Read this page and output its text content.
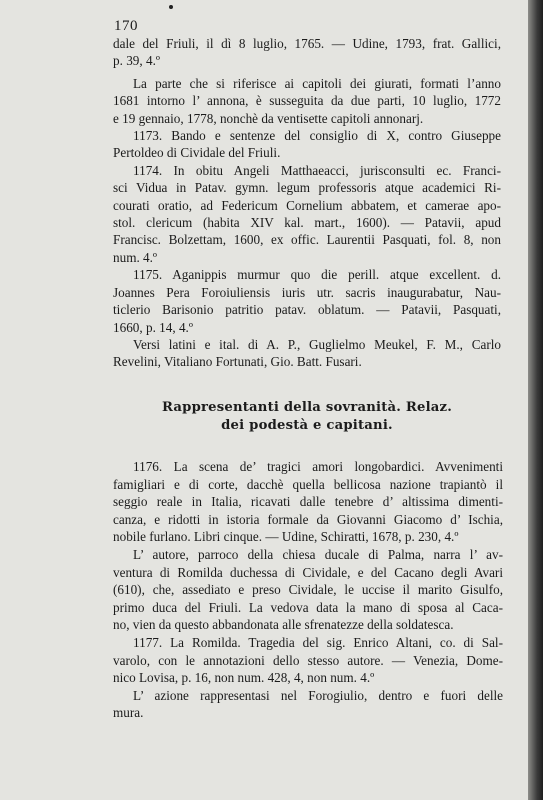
170

dale del Friuli, il dì 8 luglio, 1765. — Udine, 1793, frat. Gallici,
p. 39, 4.º

La parte che si riferisce ai capitoli dei giurati, formati l’anno
1681 intorno l’ annona, è susseguita da due parti, 10 luglio, 1772
e 19 gennaio, 1778, nonchè da ventisette capitoli annonarj.

1173. Bando e sentenze del consiglio di X, contro Giuseppe
Pertoldeo di Cividale del Friuli.

1174. In obitu Angeli Matthaeacci, jurisconsulti ec. Franci-
sci Vidua in Patav. gymn. legum professoris atque academici Ri-
courati oratio, ad Federicum Cornelium abbatem, et camerae apo-
stol. clericum (habita XIV kal. mart., 1600). — Patavii, apud
Francisc. Bolzettam, 1600, ex offic. Laurentii Pasquati, fol. 8, non
num. 4.º

1175. Aganippis murmur quo die perill. atque excellent. d.
Joannes Pera Foroiuliensis iuris utr. sacris inaugurabatur, Nau-
ticlerio Barisonio patritio patav. oblatum. — Patavii, Pasquati,
1660, p. 14, 4.º

Versi latini e ital. di A. P., Guglielmo Meukel, F. M., Carlo
Revelini, Vitaliano Fortunati, Gio. Batt. Fusari.

Rappresentanti della sovranità. Relaz.
dei podestà e capitani.

1176. La scena de’ tragici amori longobardici. Avvenimenti
famigliari e di corte, dacchè quella bellicosa nazione trapiantò il
seggio reale in Italia, ricavati dalle tenebre d’ altissima dimenti-
canza, e ridotti in istoria formale da Giovanni Giacomo d’ Ischia,
nobile furlano. Libri cinque. — Udine, Schiratti, 1678, p. 230, 4.º

L’ autore, parroco della chiesa ducale di Palma, narra l’ av-
ventura di Romilda duchessa di Cividale, e del Cacano degli Avari
(610), che, assediato e preso Cividale, le uccise il marito Gisulfo,
primo duca del Friuli. La vedova data la mano di sposa al Caca-
no, vien da questo abbandonata alle sfrenatezze della soldatesca.

1177. La Romilda. Tragedia del sig. Enrico Altani, co. di Sal-
varolo, con le annotazioni dello stesso autore. — Venezia, Dome-
nico Lovisa, p. 16, non num. 428, 4, non num. 4.º

L’ azione rappresentasi nel Forogiulio, dentro e fuori delle
mura.
